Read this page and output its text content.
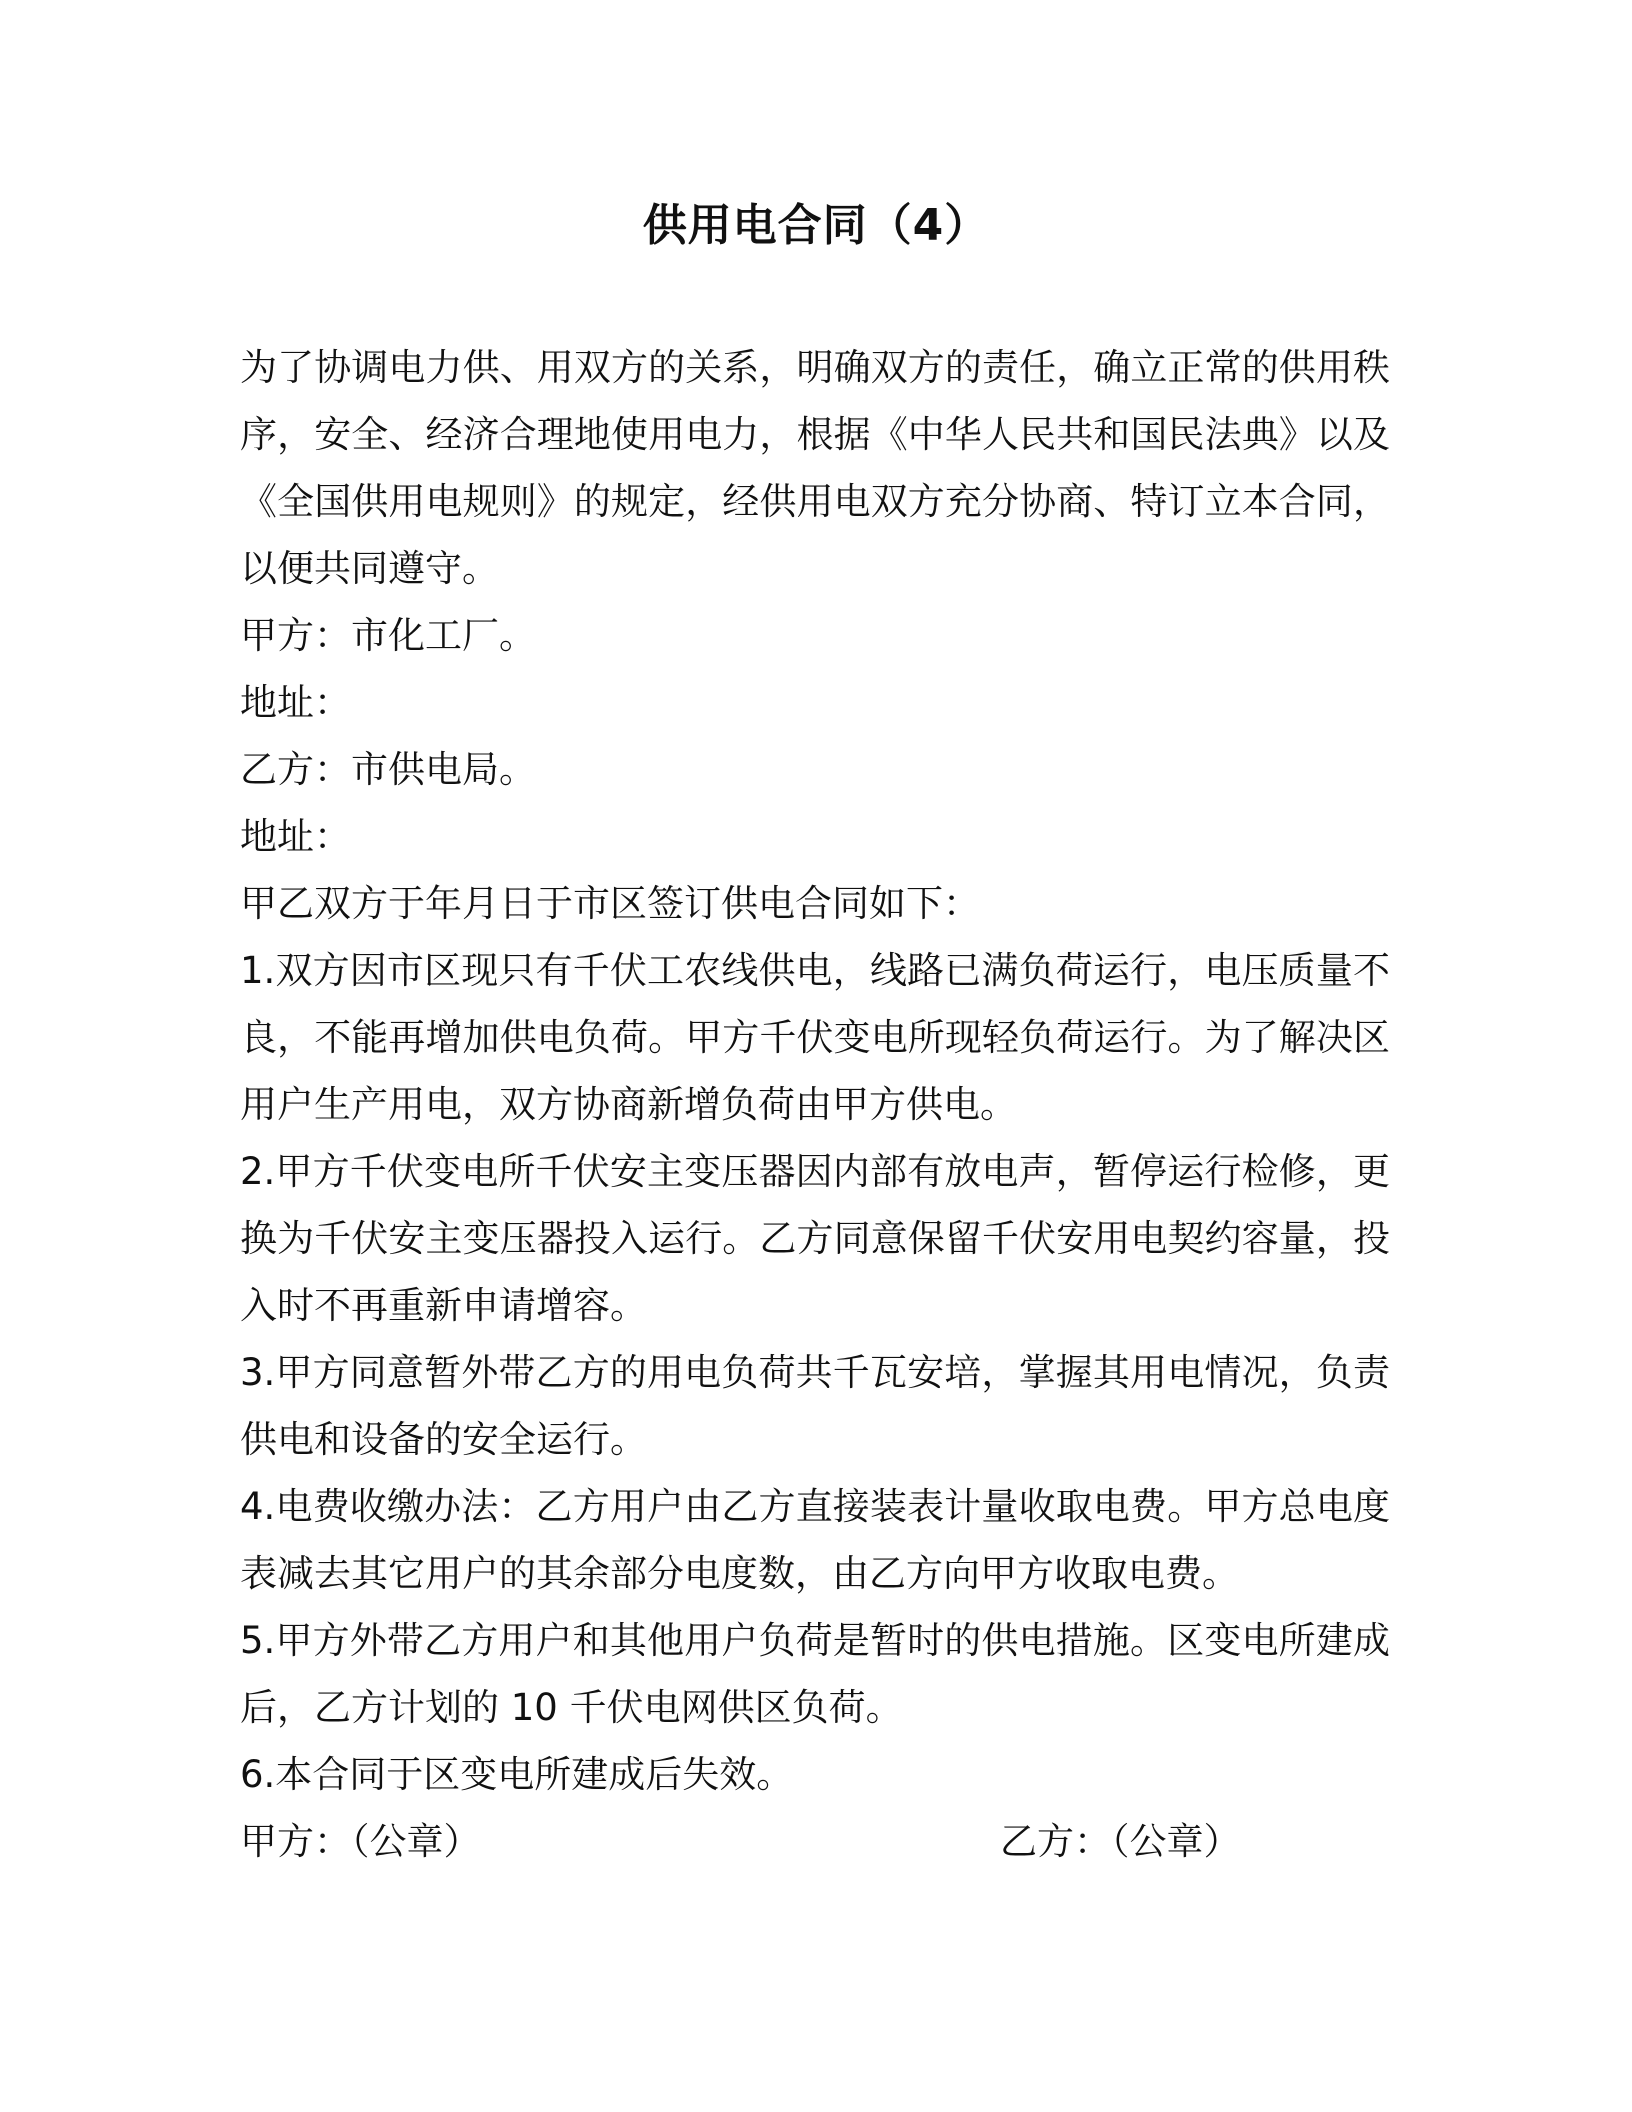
供用电合同（4）

为了协调电力供、用双方的关系，明确双方的责任，确立正常的供用秩序，安全、经济合理地使用电力，根据《中华人民共和国民法典》以及《全国供用电规则》的规定，经供用电双方充分协商、特订立本合同，以便共同遵守。

甲方：市化工厂。

地址：

乙方：市供电局。

地址：

甲乙双方于年月日于市区签订供电合同如下：

1.双方因市区现只有千伏工农线供电，线路已满负荷运行，电压质量不良，不能再增加供电负荷。甲方千伏变电所现轻负荷运行。为了解决区用户生产用电，双方协商新增负荷由甲方供电。

2.甲方千伏变电所千伏安主变压器因内部有放电声，暂停运行检修，更换为千伏安主变压器投入运行。乙方同意保留千伏安用电契约容量，投入时不再重新申请增容。

3.甲方同意暂外带乙方的用电负荷共千瓦安培，掌握其用电情况，负责供电和设备的安全运行。

4.电费收缴办法：乙方用户由乙方直接装表计量收取电费。甲方总电度表减去其它用户的其余部分电度数，由乙方向甲方收取电费。

5.甲方外带乙方用户和其他用户负荷是暂时的供电措施。区变电所建成后，乙方计划的 10 千伏电网供区负荷。

6.本合同于区变电所建成后失效。

甲方：（公章）	乙方：（公章）
